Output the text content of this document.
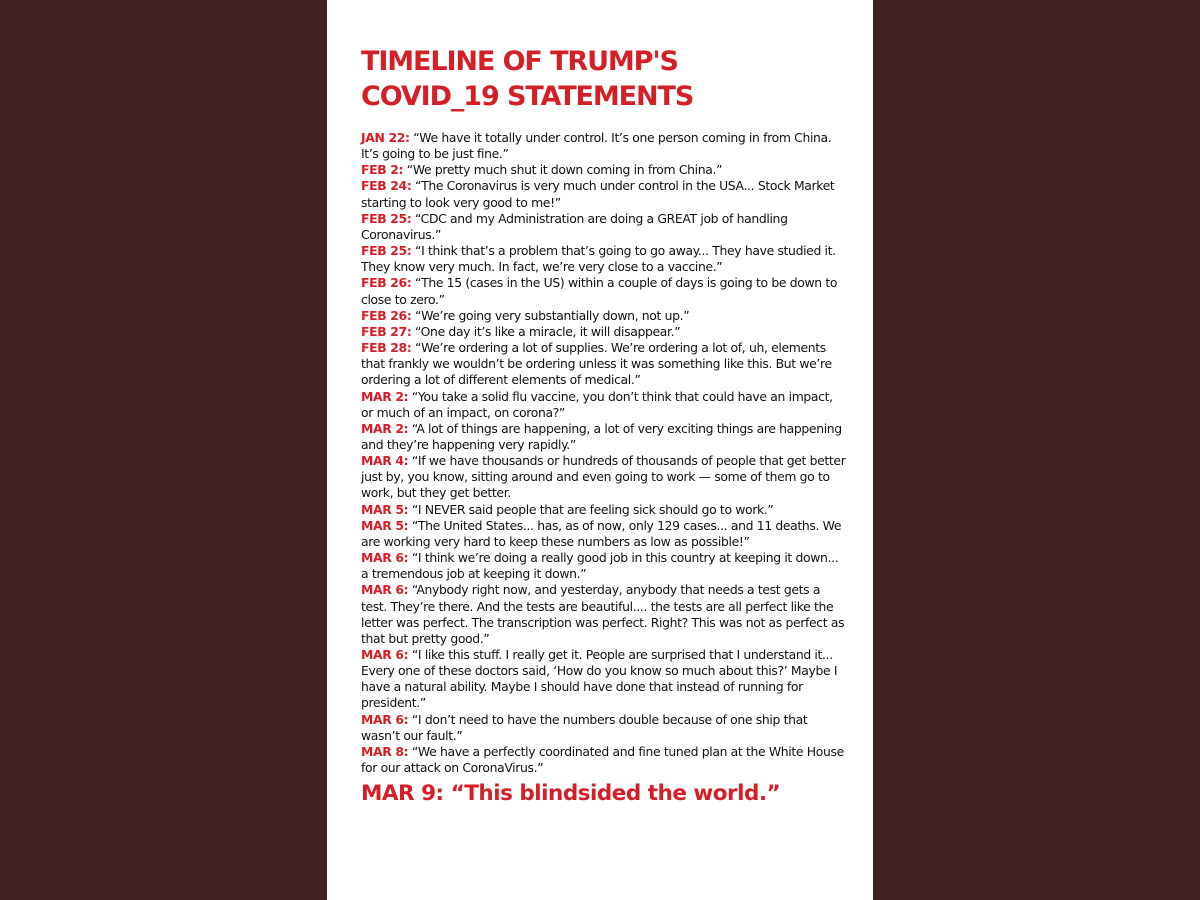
TIMELINE OF TRUMP'S
COVID_19 STATEMENTS

JAN 22: “We have it totally under control. It’s one person coming in from China. It’s going to be just fine.”

FEB 2: “We pretty much shut it down coming in from China.”

FEB 24: “The Coronavirus is very much under control in the USA... Stock Market starting to look very good to me!”

FEB 25: “CDC and my Administration are doing a GREAT job of handling Coronavirus.”

FEB 25: “I think that’s a problem that’s going to go away... They have studied it. They know very much. In fact, we’re very close to a vaccine.”

FEB 26: “The 15 (cases in the US) within a couple of days is going to be down to close to zero.”

FEB 26: “We’re going very substantially down, not up.”

FEB 27: “One day it’s like a miracle, it will disappear.”

FEB 28: “We’re ordering a lot of supplies. We’re ordering a lot of, uh, elements that frankly we wouldn’t be ordering unless it was something like this. But we’re ordering a lot of different elements of medical.”

MAR 2: “You take a solid flu vaccine, you don’t think that could have an impact, or much of an impact, on corona?”

MAR 2: “A lot of things are happening, a lot of very exciting things are happening and they’re happening very rapidly.”

MAR 4: “If we have thousands or hundreds of thousands of people that get better just by, you know, sitting around and even going to work — some of them go to work, but they get better.

MAR 5: “I NEVER said people that are feeling sick should go to work.”

MAR 5: “The United States... has, as of now, only 129 cases... and 11 deaths. We are working very hard to keep these numbers as low as possible!”

MAR 6: “I think we’re doing a really good job in this country at keeping it down... a tremendous job at keeping it down.”

MAR 6: “Anybody right now, and yesterday, anybody that needs a test gets a test. They’re there. And the tests are beautiful.... the tests are all perfect like the letter was perfect. The transcription was perfect. Right? This was not as perfect as that but pretty good.”

MAR 6: “I like this stuff. I really get it. People are surprised that I understand it... Every one of these doctors said, ‘How do you know so much about this?’ Maybe I have a natural ability. Maybe I should have done that instead of running for president.”

MAR 6: “I don’t need to have the numbers double because of one ship that wasn’t our fault.”

MAR 8: “We have a perfectly coordinated and fine tuned plan at the White House for our attack on CoronaVirus.”

MAR 9: “This blindsided the world.”
